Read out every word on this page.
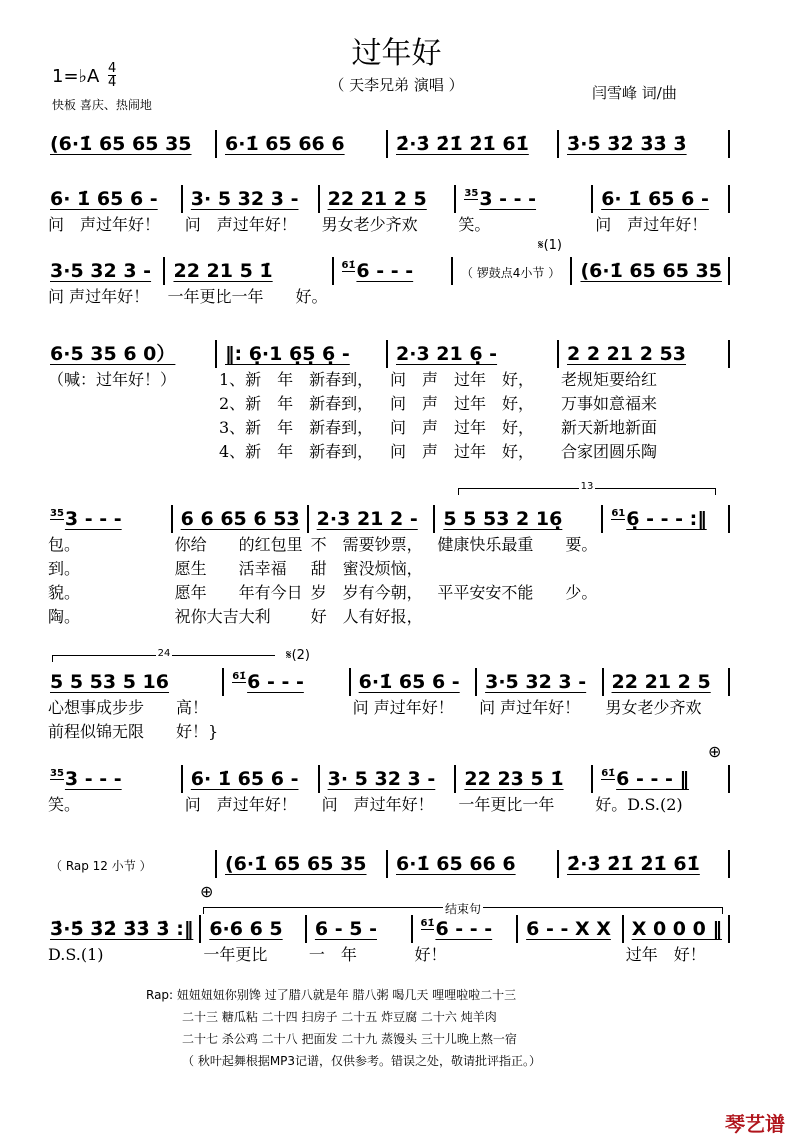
过年好
1=♭A 4
4
快板 喜庆、热闹地
（ 天李兄弟 演唱 ）	闫雪峰 词/曲
𝄋(1)
13
24	𝄋(2)
⊕
⊕
结束句
(6·1̇ 65 65 35	6·1̇ 65 66 6	2̇·3̇ 2̇1̇ 2̇1̇ 61̇	3̇·5̇ 3̇2̇ 3̇3̇ 3̇
6· 1̇ 65 6 -
问　声过年好！
3· 5 32 3 -
问　声过年好！
22 21 2 5
男女老少齐欢
$^{35}$3 - - -
笑。
6· 1̇ 65 6 -
问　声过年好！
3·5 32 3 -
问 声过年好！
22 21 5 1̇
一年更比一年　　好。
$^{61̇}$6 - - -	（ 锣鼓点4小节 ）	(6·1̇ 65 65 35
6·5 35 6 0）
（喊：过年好！）
‖: 6̣·1 6̣5̣ 6̣ -
1、新　年　新春到，
2、新　年　新春到，
3、新　年　新春到，
4、新　年　新春到，
2·3 21 6̣ -
问　声　过年　好，
问　声　过年　好，
问　声　过年　好，
问　声　过年　好，
2 2 21 2 53
老规矩要给红
万事如意福来
新天新地新面
合家团圆乐陶
$^{35}$3 - - -
包。
到。
貌。
陶。
6 6 65 6 53
你给　　的红包里
愿生　　活幸福
愿年　　年有今日
祝你大吉大利
2·3 21 2 -
不　需要钞票，
甜　蜜没烦恼，
岁　岁有今朝，
好　人有好报，
5 5 53 2 16̣
健康快乐最重　　要。
平平安安不能　　少。
$^{61}$6̣ - - - :‖
5 5 53 5 16
心想事成步步　　高！
前程似锦无限　　好！}
$^{61̇}$6 - - -	6·1̇ 65 6 -
问 声过年好！
3·5 32 3 -
问 声过年好！
22 21 2 5
男女老少齐欢
$^{35}$3 - - -
笑。
6· 1̇ 65 6 -
问　声过年好！
3· 5 32 3 -
问　声过年好！
22 23 5 1̇
一年更比一年
$^{61̇}$6 - - - ‖
好。D.S.(2)
（ Rap 12 小节 ）	(6·1̇ 65 65 35	6·1̇ 65 66 6	2̇·3̇ 2̇1̇ 2̇1̇ 61̇
3̇·5̇ 3̇2̇ 3̇3̇ 3̇ :‖
D.S.(1)
6·6 6 5
一年更比
6 - 5 -
一　年
$^{61̇}$6 - - -
好！
6 - - X X	X 0 0 0 ‖
过年　好！
Rap: 妞妞妞妞你别馋 过了腊八就是年 腊八粥 喝几天 哩哩啦啦二十三
二十三 糖瓜粘 二十四 扫房子 二十五 炸豆腐 二十六 炖羊肉
二十七 杀公鸡 二十八 把面发 二十九 蒸馒头 三十儿晚上熬一宿
（ 秋叶起舞根据MP3记谱，仅供参考。错误之处，敬请批评指正。）
琴艺谱
